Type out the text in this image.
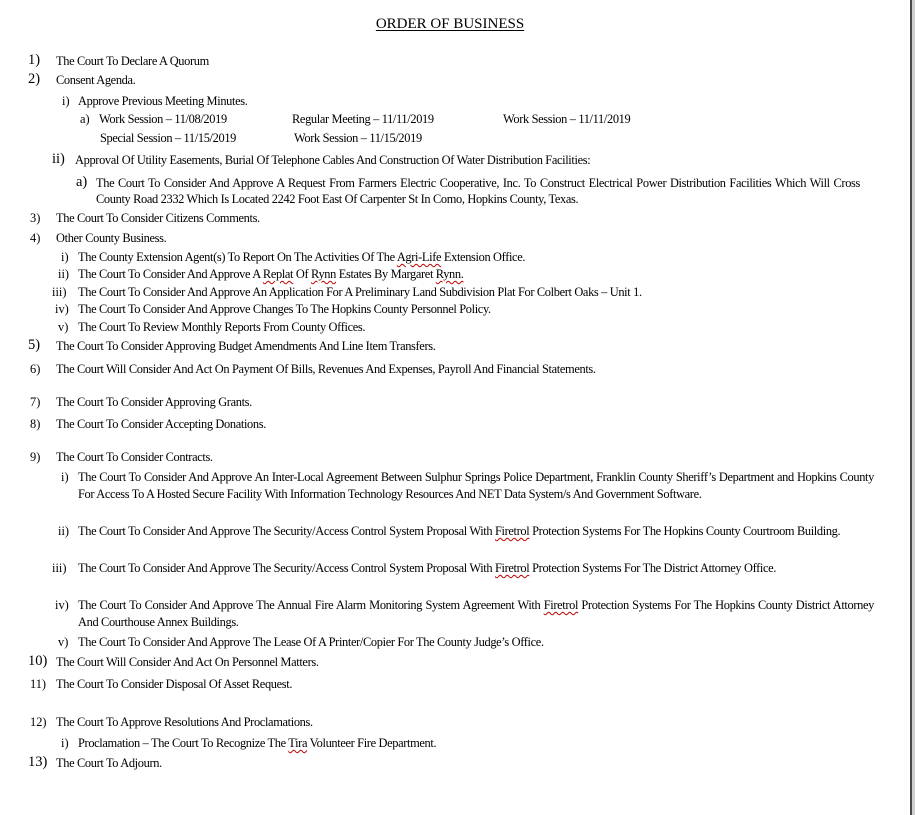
ORDER OF BUSINESS
1) The Court To Declare A Quorum
2) Consent Agenda.
i) Approve Previous Meeting Minutes.
a) Work Session – 11/08/2019	Regular Meeting – 11/11/2019	Work Session – 11/11/2019
Special Session – 11/15/2019	Work Session – 11/15/2019
ii) Approval Of Utility Easements, Burial Of Telephone Cables And Construction Of Water Distribution Facilities:
a) The Court To Consider And Approve A Request From Farmers Electric Cooperative, Inc. To Construct Electrical Power Distribution Facilities Which Will Cross County Road 2332 Which Is Located 2242 Foot East Of Carpenter St In Como, Hopkins County, Texas.
3) The Court To Consider Citizens Comments.
4) Other County Business.
i) The County Extension Agent(s) To Report On The Activities Of The Agri-Life Extension Office.
ii) The Court To Consider And Approve A Replat Of Rynn Estates By Margaret Rynn.
iii) The Court To Consider And Approve An Application For A Preliminary Land Subdivision Plat For Colbert Oaks – Unit 1.
iv) The Court To Consider And Approve Changes To The Hopkins County Personnel Policy.
v) The Court To Review Monthly Reports From County Offices.
5) The Court To Consider Approving Budget Amendments And Line Item Transfers.
6) The Court Will Consider And Act On Payment Of Bills, Revenues And Expenses, Payroll And Financial Statements.
7) The Court To Consider Approving Grants.
8) The Court To Consider Accepting Donations.
9) The Court To Consider Contracts.
i) The Court To Consider And Approve An Inter-Local Agreement Between Sulphur Springs Police Department, Franklin County Sheriff’s Department and Hopkins County For Access To A Hosted Secure Facility With Information Technology Resources And NET Data System/s And Government Software.
ii) The Court To Consider And Approve The Security/Access Control System Proposal With Firetrol Protection Systems For The Hopkins County Courtroom Building.
iii) The Court To Consider And Approve The Security/Access Control System Proposal With Firetrol Protection Systems For The District Attorney Office.
iv) The Court To Consider And Approve The Annual Fire Alarm Monitoring System Agreement With Firetrol Protection Systems For The Hopkins County District Attorney And Courthouse Annex Buildings.
v) The Court To Consider And Approve The Lease Of A Printer/Copier For The County Judge’s Office.
10) The Court Will Consider And Act On Personnel Matters.
11) The Court To Consider Disposal Of Asset Request.
12) The Court To Approve Resolutions And Proclamations.
i) Proclamation – The Court To Recognize The Tira Volunteer Fire Department.
13) The Court To Adjourn.
